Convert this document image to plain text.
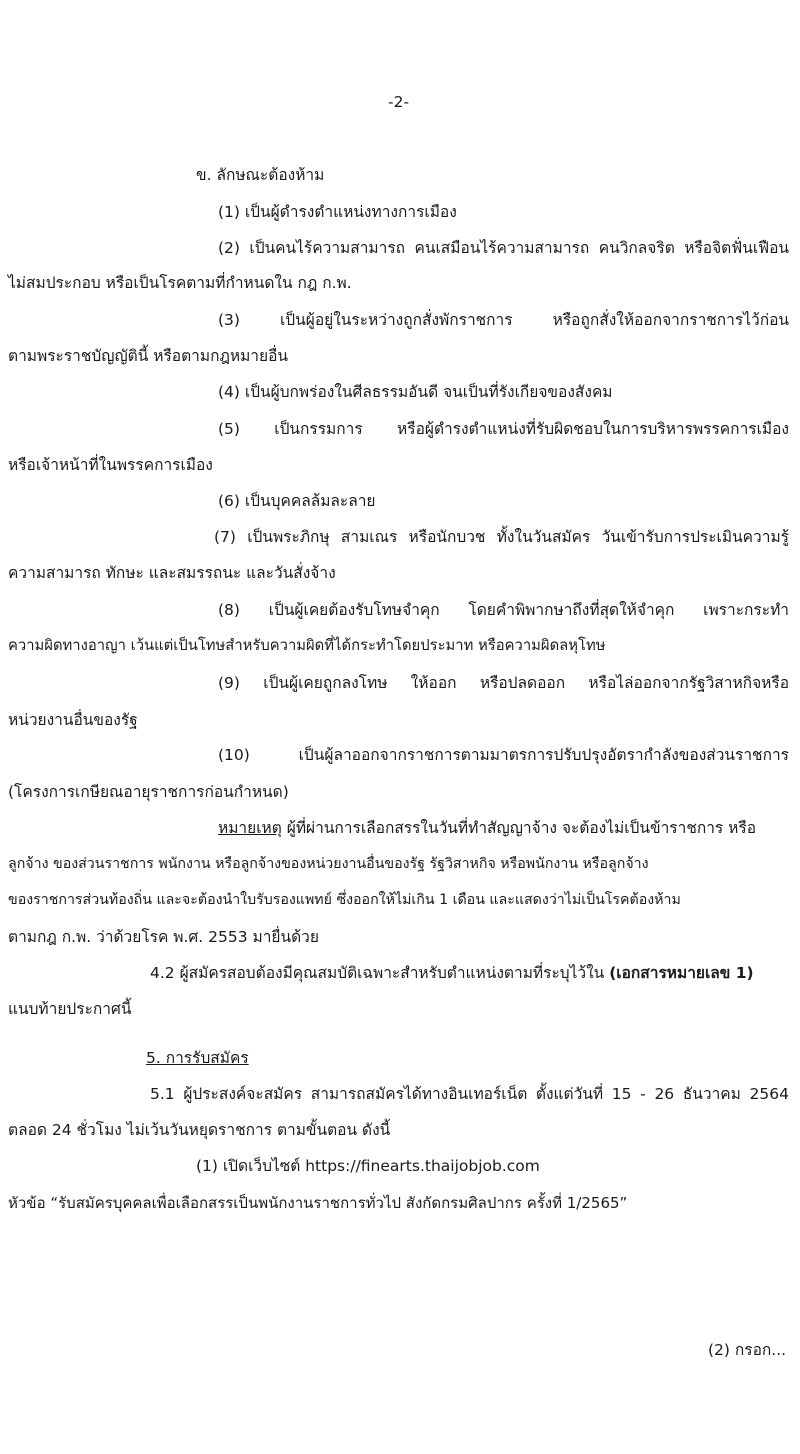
-2-
ข. ลักษณะต้องห้าม
(1) เป็นผู้ดำรงตำแหน่งทางการเมือง
(2) เป็นคนไร้ความสามารถ คนเสมือนไร้ความสามารถ คนวิกลจริต หรือจิตฟั่นเฟือน
ไม่สมประกอบ หรือเป็นโรคตามที่กำหนดใน กฎ ก.พ.
(3) เป็นผู้อยู่ในระหว่างถูกสั่งพักราชการ หรือถูกสั่งให้ออกจากราชการไว้ก่อน
ตามพระราชบัญญัตินี้ หรือตามกฎหมายอื่น
(4) เป็นผู้บกพร่องในศีลธรรมอันดี จนเป็นที่รังเกียจของสังคม
(5) เป็นกรรมการ หรือผู้ดำรงตำแหน่งที่รับผิดชอบในการบริหารพรรคการเมือง
หรือเจ้าหน้าที่ในพรรคการเมือง
(6) เป็นบุคคลล้มละลาย
(7) เป็นพระภิกษุ สามเณร หรือนักบวช ทั้งในวันสมัคร วันเข้ารับการประเมินความรู้
ความสามารถ ทักษะ และสมรรถนะ และวันสั่งจ้าง
(8) เป็นผู้เคยต้องรับโทษจำคุก โดยคำพิพากษาถึงที่สุดให้จำคุก เพราะกระทำ
ความผิดทางอาญา เว้นแต่เป็นโทษสำหรับความผิดที่ได้กระทำโดยประมาท หรือความผิดลหุโทษ
(9) เป็นผู้เคยถูกลงโทษ ให้ออก หรือปลดออก หรือไล่ออกจากรัฐวิสาหกิจหรือ
หน่วยงานอื่นของรัฐ
(10) เป็นผู้ลาออกจากราชการตามมาตรการปรับปรุงอัตรากำลังของส่วนราชการ
(โครงการเกษียณอายุราชการก่อนกำหนด)
หมายเหตุ ผู้ที่ผ่านการเลือกสรรในวันที่ทำสัญญาจ้าง จะต้องไม่เป็นข้าราชการ หรือ
ลูกจ้าง ของส่วนราชการ พนักงาน หรือลูกจ้างของหน่วยงานอื่นของรัฐ รัฐวิสาหกิจ หรือพนักงาน หรือลูกจ้าง
ของราชการส่วนท้องถิ่น และจะต้องนำใบรับรองแพทย์ ซึ่งออกให้ไม่เกิน 1 เดือน และแสดงว่าไม่เป็นโรคต้องห้าม
ตามกฎ ก.พ. ว่าด้วยโรค พ.ศ. 2553 มายื่นด้วย
4.2 ผู้สมัครสอบต้องมีคุณสมบัติเฉพาะสำหรับตำแหน่งตามที่ระบุไว้ใน (เอกสารหมายเลข 1)
แนบท้ายประกาศนี้
5. การรับสมัคร
5.1 ผู้ประสงค์จะสมัคร สามารถสมัครได้ทางอินเทอร์เน็ต ตั้งแต่วันที่ 15 - 26 ธันวาคม 2564
ตลอด 24 ชั่วโมง ไม่เว้นวันหยุดราชการ ตามขั้นตอน ดังนี้
(1) เปิดเว็บไซต์ https://finearts.thaijobjob.com
หัวข้อ “รับสมัครบุคคลเพื่อเลือกสรรเป็นพนักงานราชการทั่วไป สังกัดกรมศิลปากร ครั้งที่ 1/2565”
(2) กรอก...
